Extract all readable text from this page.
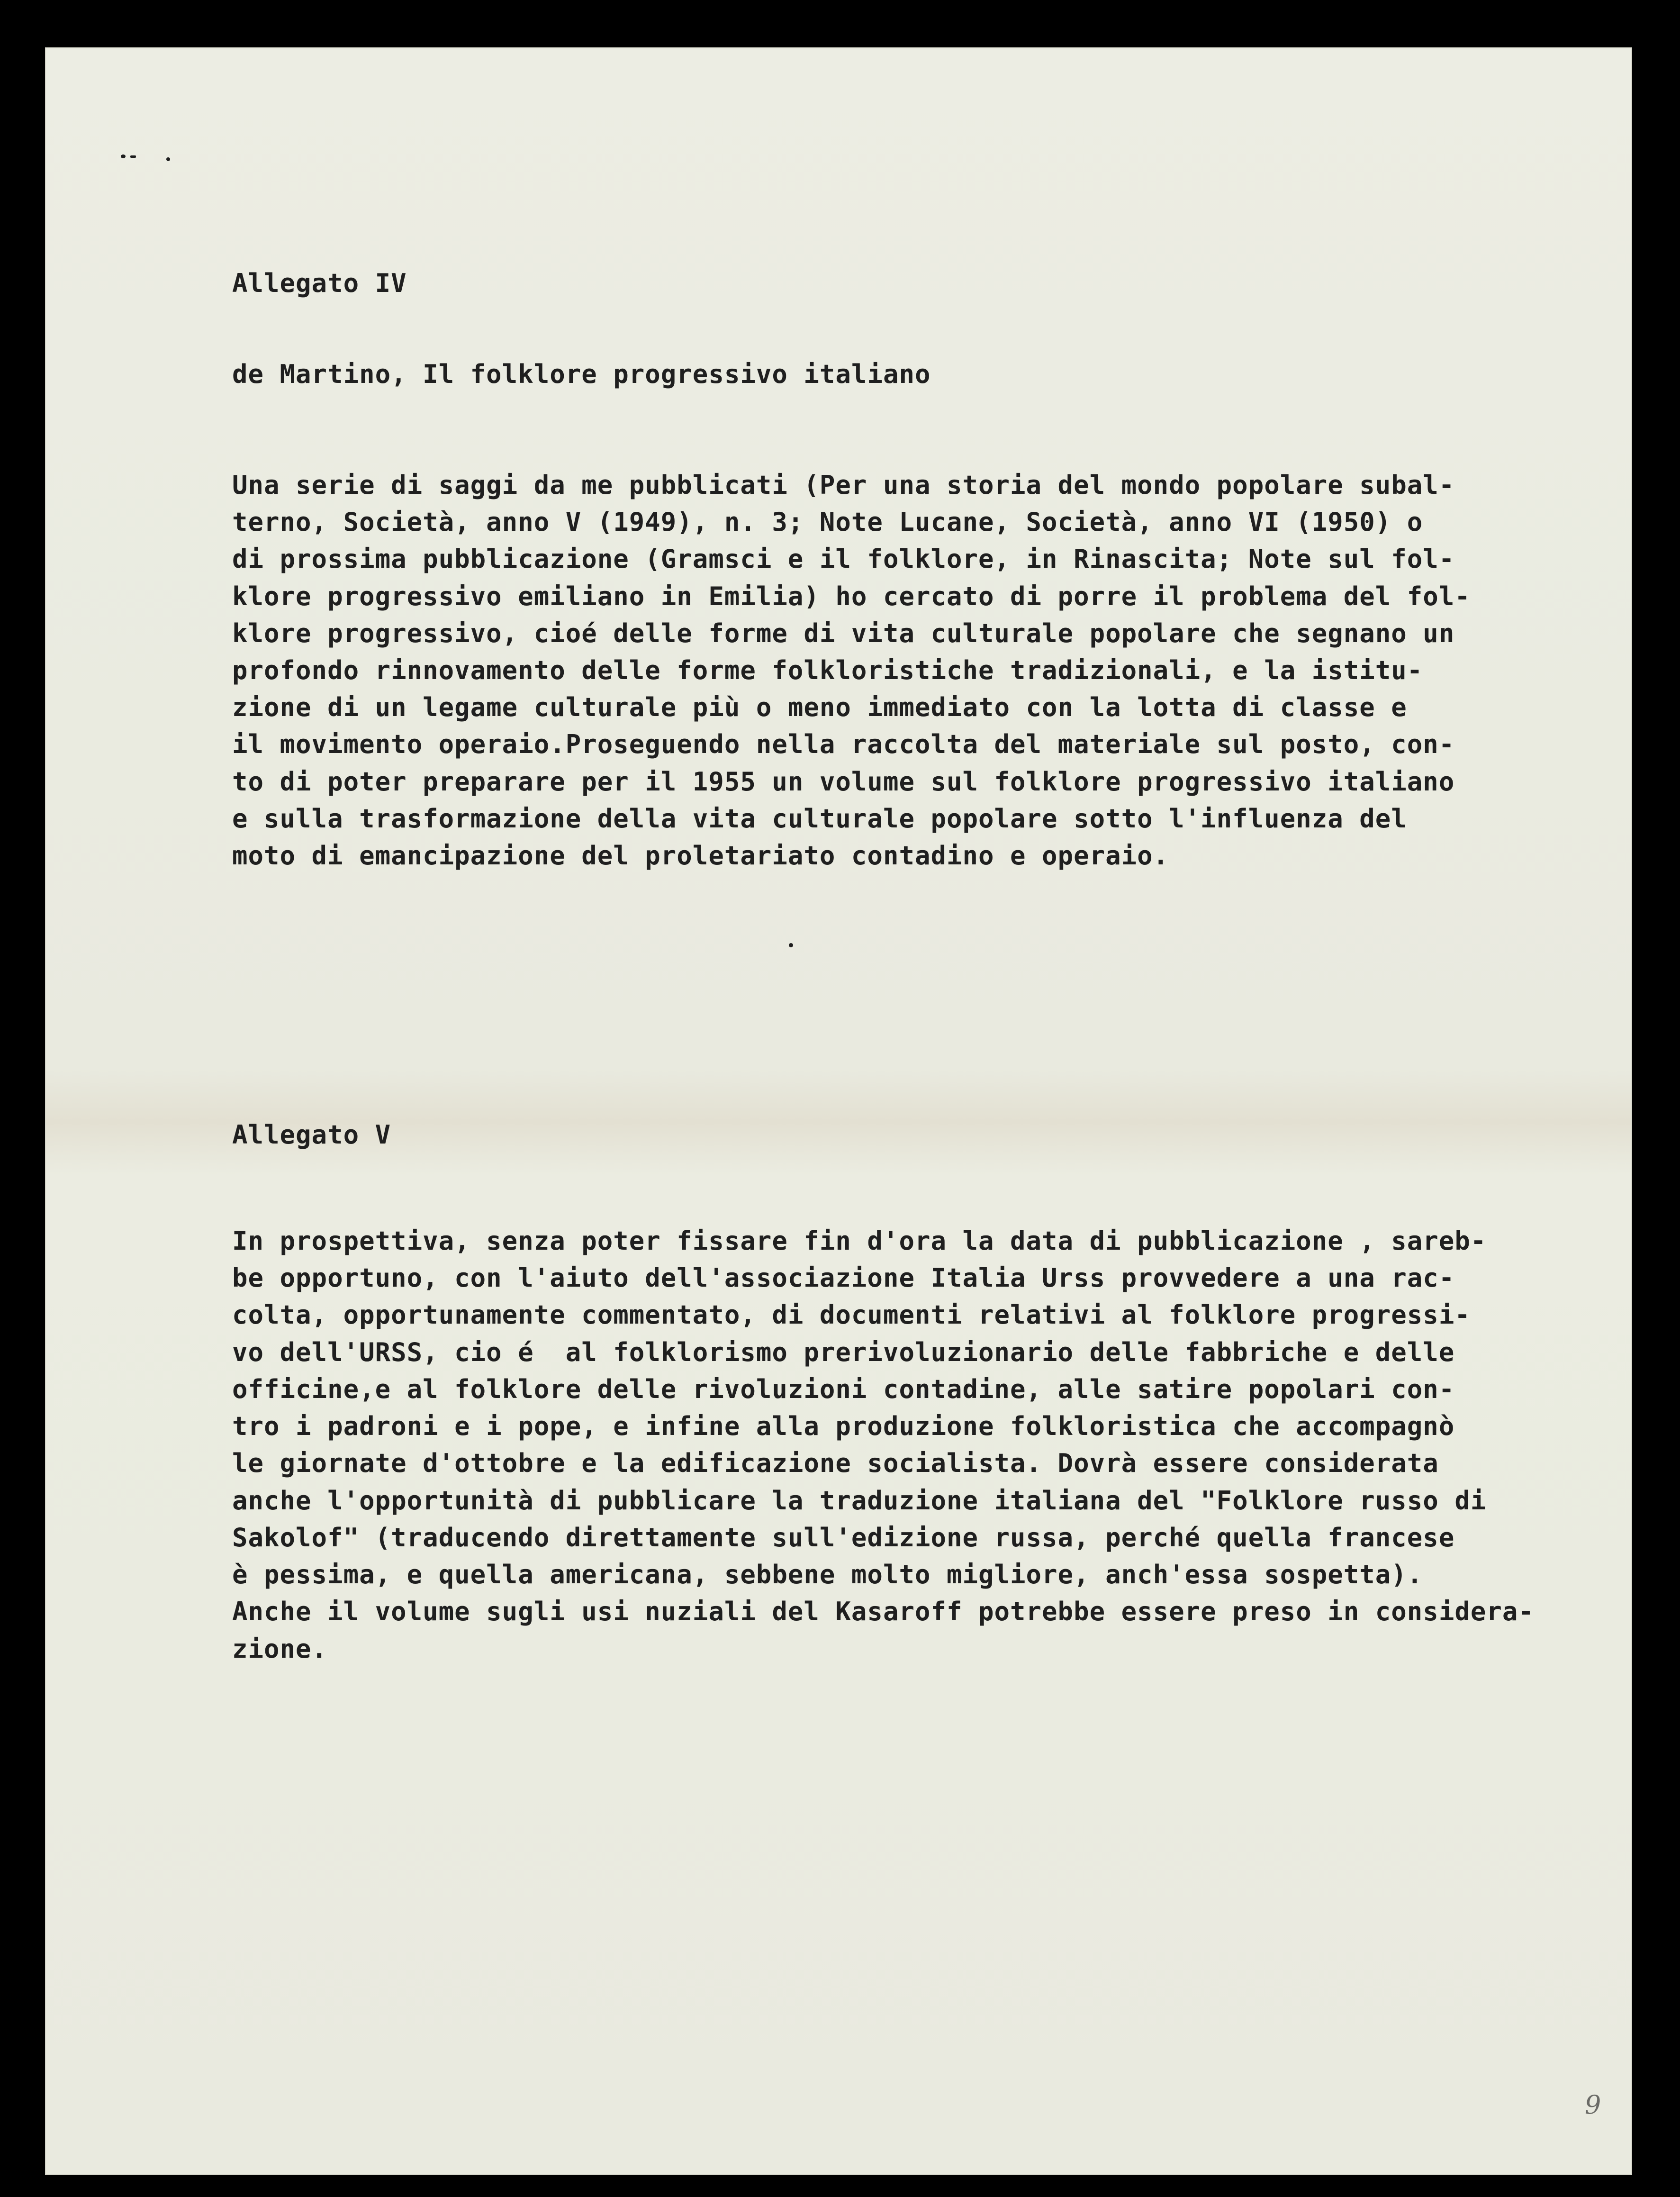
Allegato IV

de Martino, Il folklore progressivo italiano

Una serie di saggi da me pubblicati (Per una storia del mondo popolare subal-

terno, Società, anno V (1949), n. 3; Note Lucane, Società, anno VI (1950) o

di prossima pubblicazione (Gramsci e il folklore, in Rinascita; Note sul fol-

klore progressivo emiliano in Emilia) ho cercato di porre il problema del fol-

klore progressivo, cioé delle forme di vita culturale popolare che segnano un

profondo rinnovamento delle forme folkloristiche tradizionali, e la istitu-

zione di un legame culturale più o meno immediato con la lotta di classe e

il movimento operaio.Proseguendo nella raccolta del materiale sul posto, con-

to di poter preparare per il 1955 un volume sul folklore progressivo italiano

e sulla trasformazione della vita culturale popolare sotto l'influenza del

moto di emancipazione del proletariato contadino e operaio.

Allegato V

In prospettiva, senza poter fissare fin d'ora la data di pubblicazione , sareb-

be opportuno, con l'aiuto dell'associazione Italia Urss provvedere a una rac-

colta, opportunamente commentato, di documenti relativi al folklore progressi-

vo dell'URSS, cio é  al folklorismo prerivoluzionario delle fabbriche e delle

officine,e al folklore delle rivoluzioni contadine, alle satire popolari con-

tro i padroni e i pope, e infine alla produzione folkloristica che accompagnò

le giornate d'ottobre e la edificazione socialista. Dovrà essere considerata

anche l'opportunità di pubblicare la traduzione italiana del "Folklore russo di

Sakolof" (traducendo direttamente sull'edizione russa, perché quella francese

è pessima, e quella americana, sebbene molto migliore, anch'essa sospetta).

Anche il volume sugli usi nuziali del Kasaroff potrebbe essere preso in considera-

zione.

9
